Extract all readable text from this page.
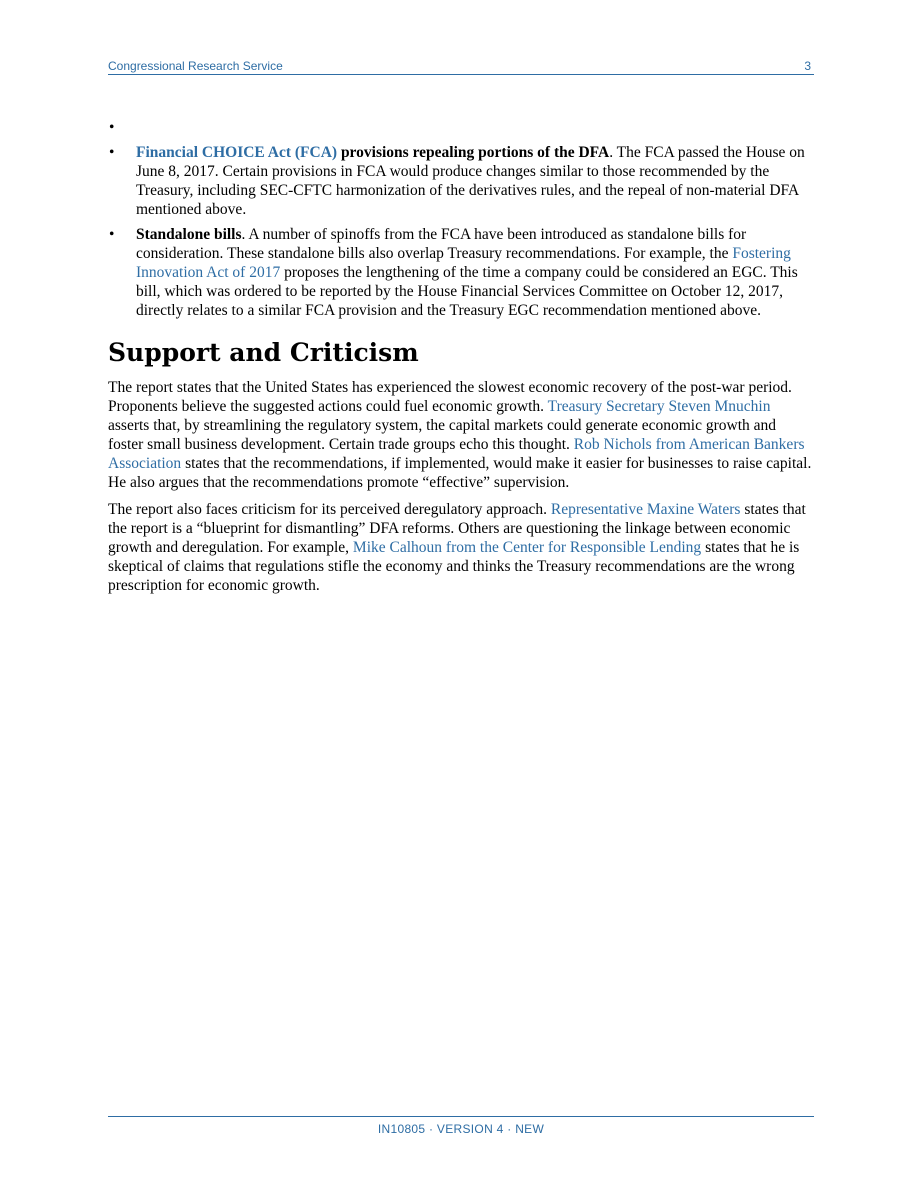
Congressional Research Service	3
•
• Financial CHOICE Act (FCA) provisions repealing portions of the DFA. The FCA passed the House on June 8, 2017. Certain provisions in FCA would produce changes similar to those recommended by the Treasury, including SEC-CFTC harmonization of the derivatives rules, and the repeal of non-material DFA mentioned above.
• Standalone bills. A number of spinoffs from the FCA have been introduced as standalone bills for consideration. These standalone bills also overlap Treasury recommendations. For example, the Fostering Innovation Act of 2017 proposes the lengthening of the time a company could be considered an EGC. This bill, which was ordered to be reported by the House Financial Services Committee on October 12, 2017, directly relates to a similar FCA provision and the Treasury EGC recommendation mentioned above.
Support and Criticism

The report states that the United States has experienced the slowest economic recovery of the post-war period. Proponents believe the suggested actions could fuel economic growth. Treasury Secretary Steven Mnuchin asserts that, by streamlining the regulatory system, the capital markets could generate economic growth and foster small business development. Certain trade groups echo this thought. Rob Nichols from American Bankers Association states that the recommendations, if implemented, would make it easier for businesses to raise capital. He also argues that the recommendations promote “effective” supervision.

The report also faces criticism for its perceived deregulatory approach. Representative Maxine Waters states that the report is a “blueprint for dismantling” DFA reforms. Others are questioning the linkage between economic growth and deregulation. For example, Mike Calhoun from the Center for Responsible Lending states that he is skeptical of claims that regulations stifle the economy and thinks the Treasury recommendations are the wrong prescription for economic growth.

IN10805 · VERSION 4 · NEW
